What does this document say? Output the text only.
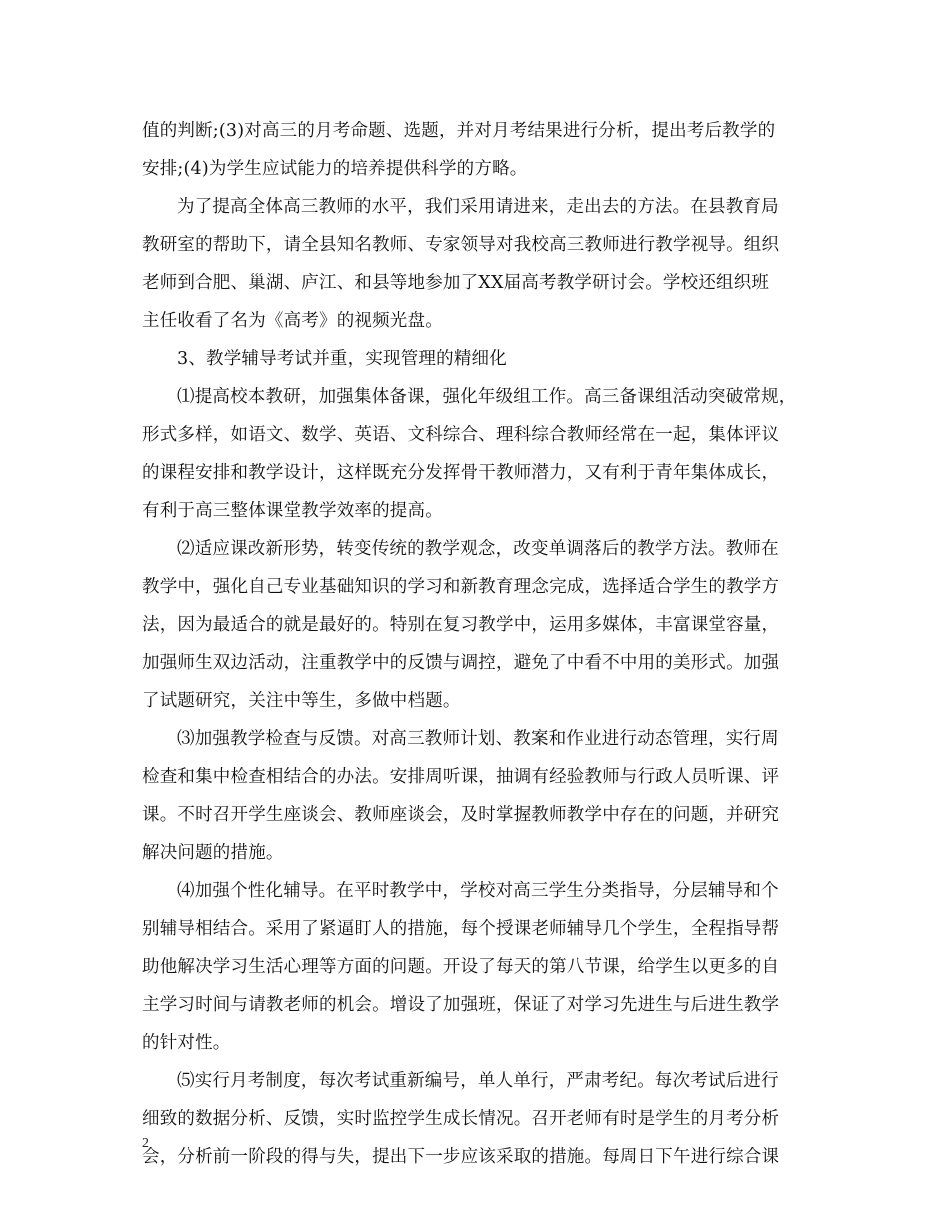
值的判断;(3)对高三的月考命题、选题，并对月考结果进行分析，提出考后教学的
安排;(4)为学生应试能力的培养提供科学的方略。
为了提高全体高三教师的水平，我们采用请进来，走出去的方法。在县教育局
教研室的帮助下，请全县知名教师、专家领导对我校高三教师进行教学视导。组织
老师到合肥、巢湖、庐江、和县等地参加了XX届高考教学研讨会。学校还组织班
主任收看了名为《高考》的视频光盘。
3、教学辅导考试并重，实现管理的精细化
⑴提高校本教研，加强集体备课，强化年级组工作。高三备课组活动突破常规，
形式多样，如语文、数学、英语、文科综合、理科综合教师经常在一起，集体评议
的课程安排和教学设计，这样既充分发挥骨干教师潜力，又有利于青年集体成长，
有利于高三整体课堂教学效率的提高。
⑵适应课改新形势，转变传统的教学观念，改变单调落后的教学方法。教师在
教学中，强化自己专业基础知识的学习和新教育理念完成，选择适合学生的教学方
法，因为最适合的就是最好的。特别在复习教学中，运用多媒体，丰富课堂容量，
加强师生双边活动，注重教学中的反馈与调控，避免了中看不中用的美形式。加强
了试题研究，关注中等生，多做中档题。
⑶加强教学检查与反馈。对高三教师计划、教案和作业进行动态管理，实行周
检查和集中检查相结合的办法。安排周听课，抽调有经验教师与行政人员听课、评
课。不时召开学生座谈会、教师座谈会，及时掌握教师教学中存在的问题，并研究
解决问题的措施。
⑷加强个性化辅导。在平时教学中，学校对高三学生分类指导，分层辅导和个
别辅导相结合。采用了紧逼盯人的措施，每个授课老师辅导几个学生，全程指导帮
助他解决学习生活心理等方面的问题。开设了每天的第八节课，给学生以更多的自
主学习时间与请教老师的机会。增设了加强班，保证了对学习先进生与后进生教学
的针对性。
⑸实行月考制度，每次考试重新编号，单人单行，严肃考纪。每次考试后进行
细致的数据分析、反馈，实时监控学生成长情况。召开老师有时是学生的月考分析
会，分析前一阶段的得与失，提出下一步应该采取的措施。每周日下午进行综合课
2
